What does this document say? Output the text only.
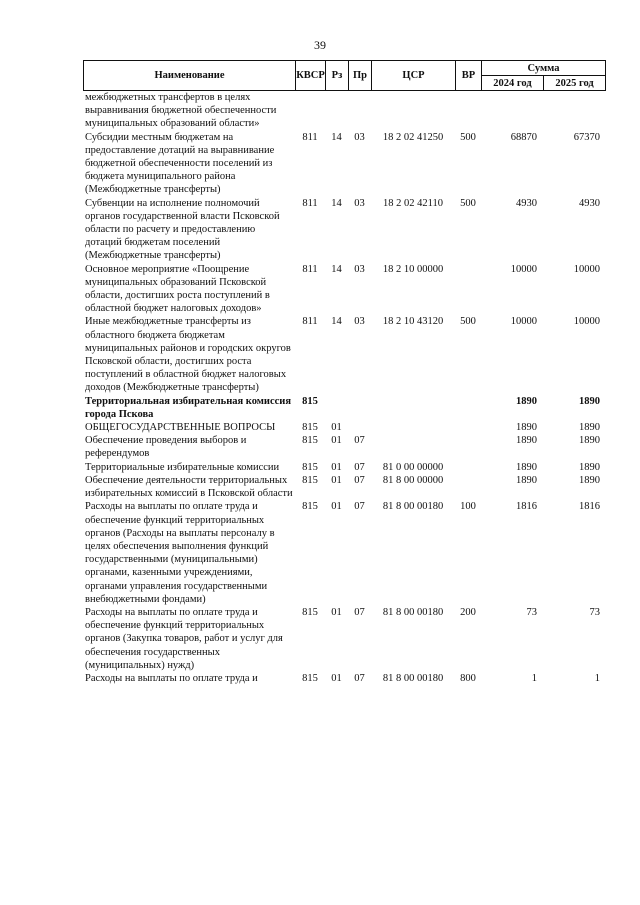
39
Наименование	КВСР	Рз	Пр	ЦСР	ВР	Сумма	
						2024 год	2025 год
межбюджетных трансфертов в целях выравнивания бюджетной обеспеченности муниципальных образований области»							
Субсидии местным бюджетам на предоставление дотаций на выравнивание бюджетной обеспеченности поселений из бюджета муниципального района (Межбюджетные трансферты)	811	14	03	18 2 02 41250	500	68870	67370
Субвенции на исполнение полномочий органов государственной власти Псковской области по расчету и предоставлению дотаций бюджетам поселений (Межбюджетные трансферты)	811	14	03	18 2 02 42110	500	4930	4930
Основное мероприятие «Поощрение муниципальных образований Псковской области, достигших роста поступлений в областной бюджет налоговых доходов»	811	14	03	18 2 10 00000		10000	10000
Иные межбюджетные трансферты из областного бюджета бюджетам муниципальных районов и городских округов Псковской области, достигших роста поступлений в областной бюджет налоговых доходов (Межбюджетные трансферты)	811	14	03	18 2 10 43120	500	10000	10000
Территориальная избирательная комиссия города Пскова	815					1890	1890
ОБЩЕГОСУДАРСТВЕННЫЕ ВОПРОСЫ	815	01				1890	1890
Обеспечение проведения выборов и референдумов	815	01	07			1890	1890
Территориальные избирательные комиссии	815	01	07	81 0 00 00000		1890	1890
Обеспечение деятельности территориальных избирательных комиссий в Псковской области	815	01	07	81 8 00 00000		1890	1890
Расходы на выплаты по оплате труда и обеспечение функций территориальных органов (Расходы на выплаты персоналу в целях обеспечения выполнения функций государственными (муниципальными) органами, казенными учреждениями, органами управления государственными внебюджетными фондами)	815	01	07	81 8 00 00180	100	1816	1816
Расходы на выплаты по оплате труда и обеспечение функций территориальных органов (Закупка товаров, работ и услуг для обеспечения государственных (муниципальных) нужд)	815	01	07	81 8 00 00180	200	73	73
Расходы на выплаты по оплате труда и	815	01	07	81 8 00 00180	800	1	1
